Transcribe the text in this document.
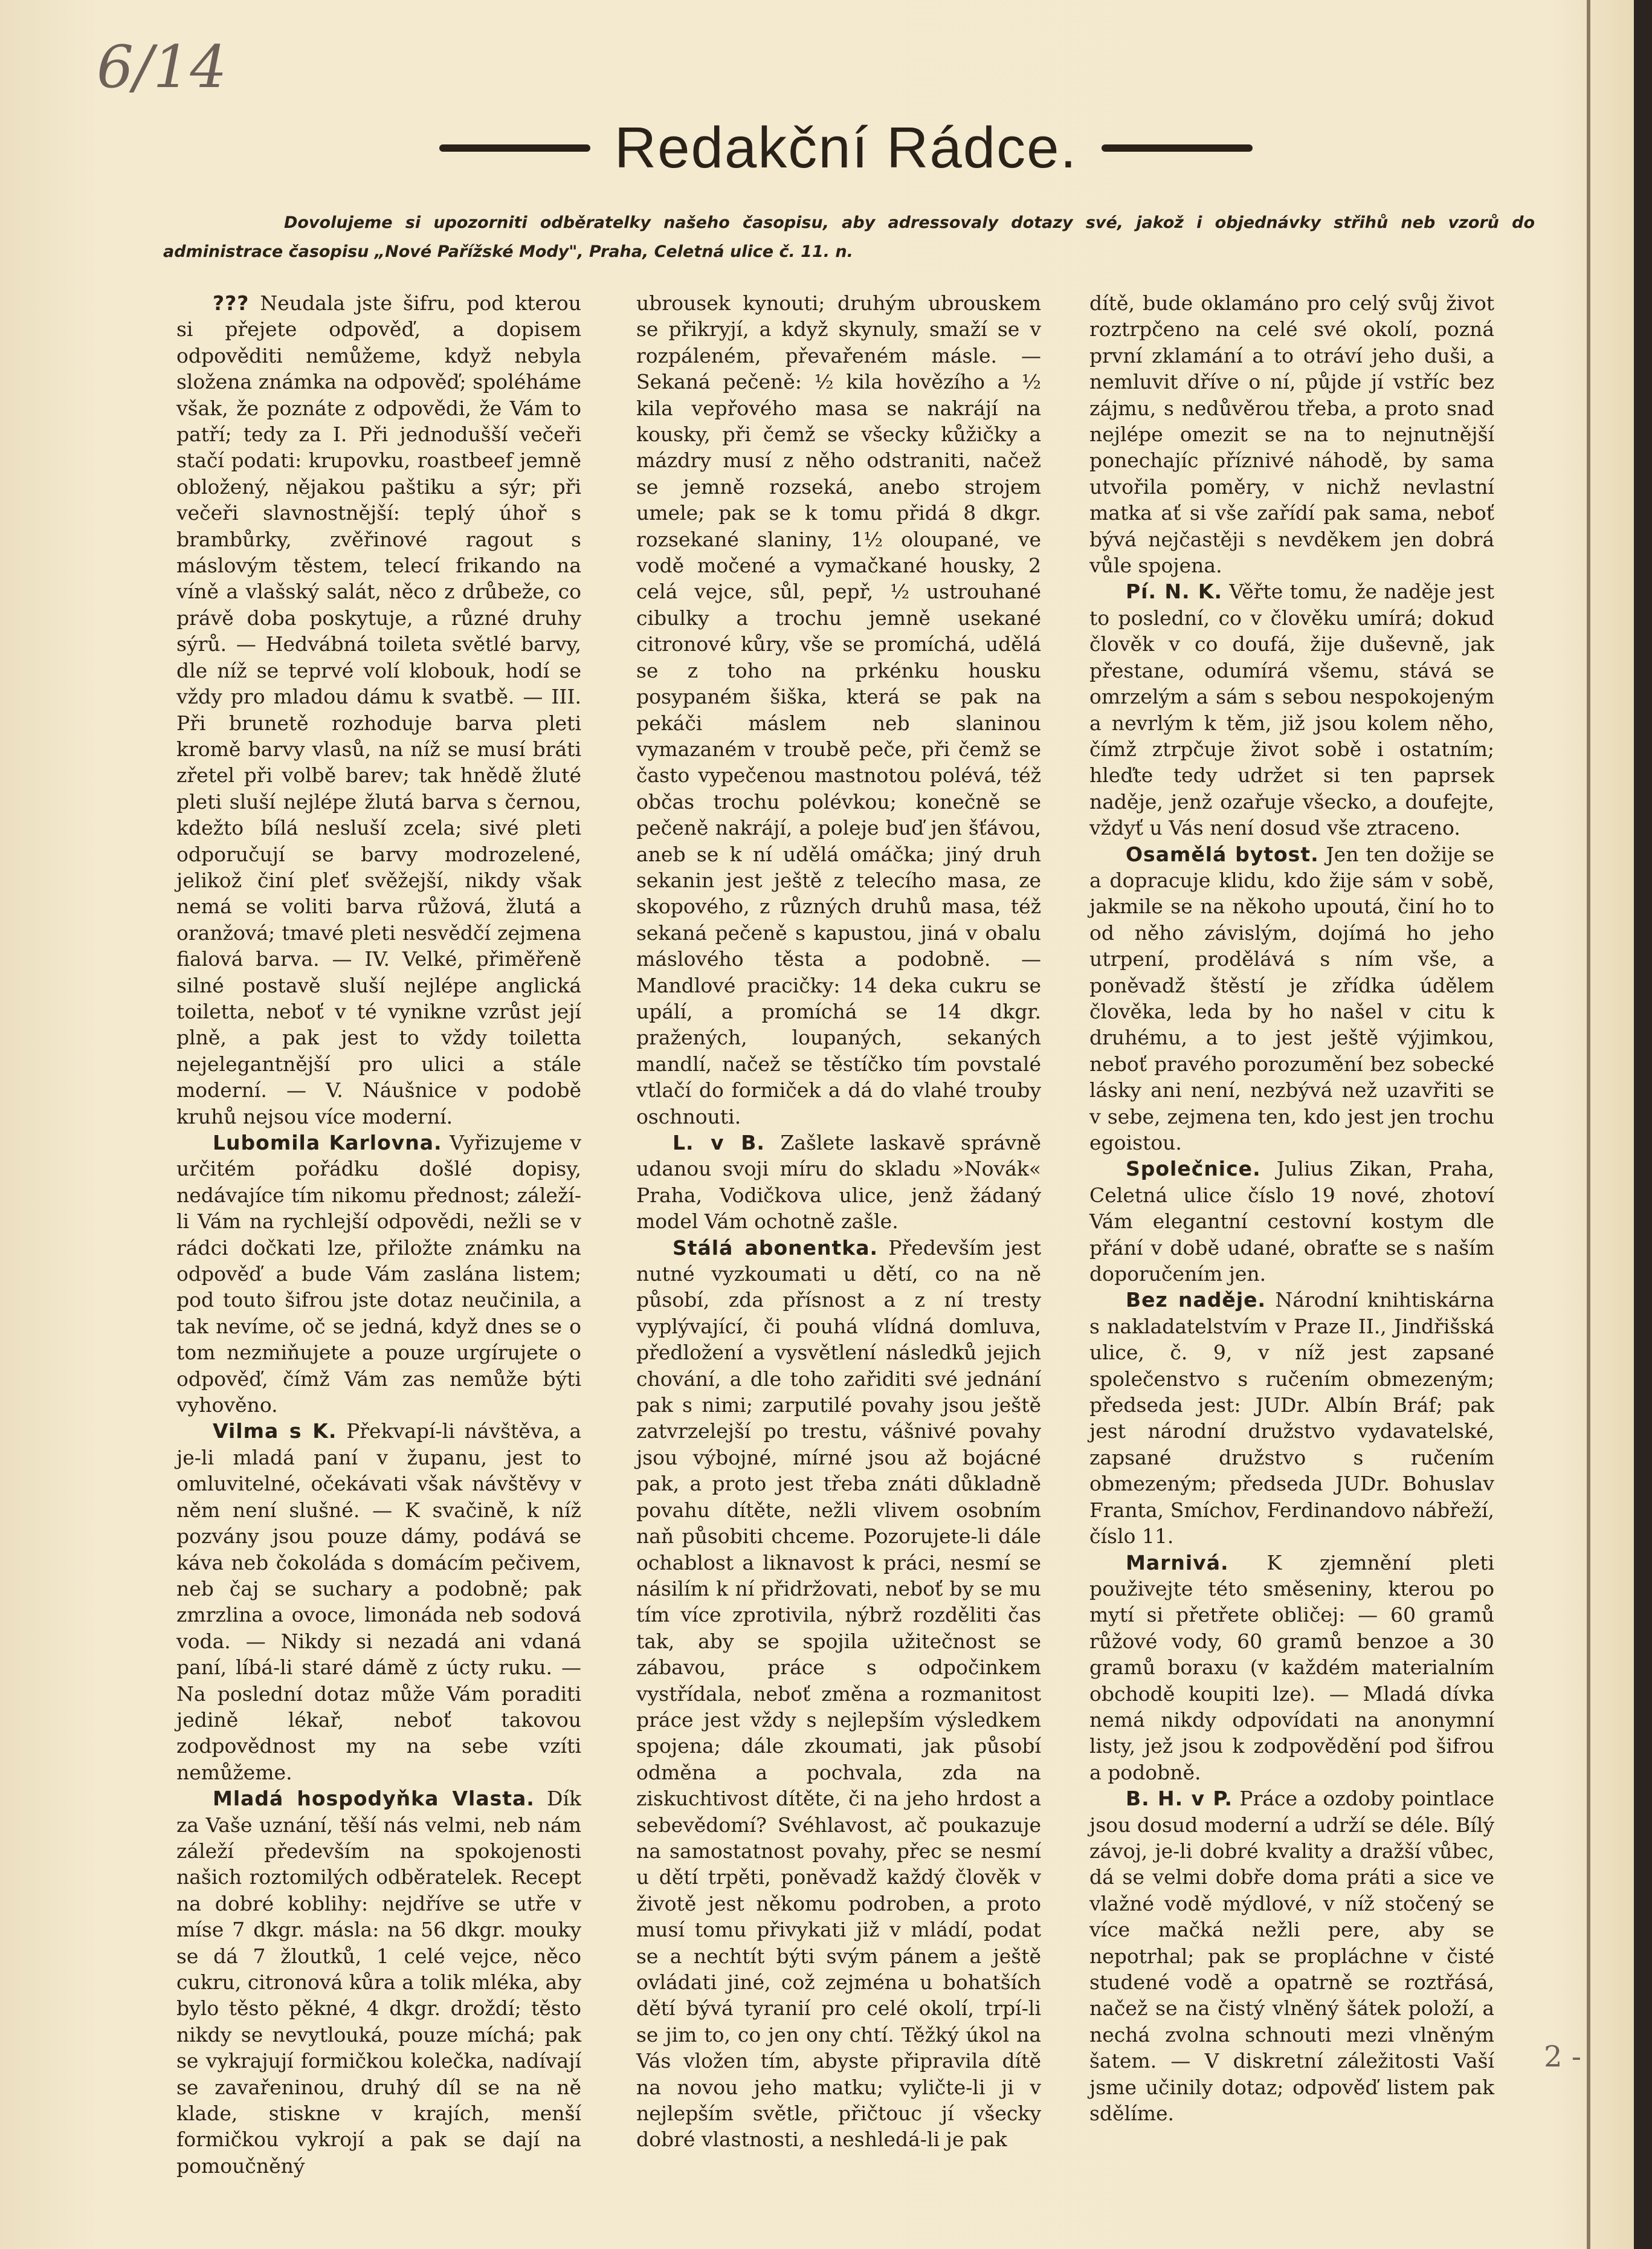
6/14
Redakční Rádce.
Dovolujeme si upozorniti odběratelky našeho časopisu, aby adressovaly dotazy své, jakož i objednávky střihů neb vzorů do administrace časopisu „Nové Pařížské Mody", Praha, Celetná ulice č. 11. n.

??? Neudala jste šifru, pod kterou si přejete odpověď, a dopisem odpověditi nemůžeme, když nebyla složena známka na odpověď; spoléháme však, že poznáte z odpovědi, že Vám to patří; tedy za I. Při jednodušší večeři stačí podati: krupovku, roastbeef jemně obložený, nějakou paštiku a sýr; při večeři slavnostnější: teplý úhoř s brambůrky, zvěřinové ragout s máslovým těstem, telecí frikando na víně a vlašský salát, něco z drůbeže, co právě doba poskytuje, a různé druhy sýrů. — Hedvábná toileta světlé barvy, dle níž se teprvé volí klobouk, hodí se vždy pro mladou dámu k svatbě. — III. Při brunetě rozhoduje barva pleti kromě barvy vlasů, na níž se musí bráti zřetel při volbě barev; tak hnědě žluté pleti sluší nejlépe žlutá barva s černou, kdežto bílá nesluší zcela; sivé pleti odporučují se barvy modrozelené, jelikož činí pleť svěžejší, nikdy však nemá se voliti barva růžová, žlutá a oranžová; tmavé pleti nesvědčí zejmena fialová barva. — IV. Velké, přiměřeně silné postavě sluší nejlépe anglická toiletta, neboť v té vynikne vzrůst její plně, a pak jest to vždy toiletta nejelegantnější pro ulici a stále moderní. — V. Náušnice v podobě kruhů nejsou více moderní.

Lubomila Karlovna. Vyřizujeme v určitém pořádku došlé dopisy, nedávajíce tím nikomu přednost; záleží-li Vám na rychlejší odpovědi, nežli se v rádci dočkati lze, přiložte známku na odpověď a bude Vám zaslána listem; pod touto šifrou jste dotaz neučinila, a tak nevíme, oč se jedná, když dnes se o tom nezmiňujete a pouze urgírujete o odpověď, čímž Vám zas nemůže býti vyhověno.

Vilma s K. Překvapí-li návštěva, a je-li mladá paní v županu, jest to omluvitelné, očekávati však návštěvy v něm není slušné. — K svačině, k níž pozvány jsou pouze dámy, podává se káva neb čokoláda s domácím pečivem, neb čaj se suchary a podobně; pak zmrzlina a ovoce, limonáda neb sodová voda. — Nikdy si nezadá ani vdaná paní, líbá-li staré dámě z úcty ruku. — Na poslední dotaz může Vám poraditi jedině lékař, neboť takovou zodpovědnost my na sebe vzíti nemůžeme.

Mladá hospodyňka Vlasta. Dík za Vaše uznání, těší nás velmi, neb nám záleží především na spokojenosti našich roztomilých odběratelek. Recept na dobré koblihy: nejdříve se utře v míse 7 dkgr. másla: na 56 dkgr. mouky se dá 7 žloutků, 1 celé vejce, něco cukru, citronová kůra a tolik mléka, aby bylo těsto pěkné, 4 dkgr. droždí; těsto nikdy se nevytlouká, pouze míchá; pak se vykrajují formičkou kolečka, nadívají se zavařeninou, druhý díl se na ně klade, stiskne v krajích, menší formičkou vykrojí a pak se dají na pomoučněný

ubrousek kynouti; druhým ubrouskem se přikryjí, a když skynuly, smaží se v rozpáleném, převařeném másle. — Sekaná pečeně: ½ kila hovězího a ½ kila vepřového masa se nakrájí na kousky, při čemž se všecky kůžičky a mázdry musí z něho odstraniti, načež se jemně rozseká, anebo strojem umele; pak se k tomu přidá 8 dkgr. rozsekané slaniny, 1½ oloupané, ve vodě močené a vymačkané housky, 2 celá vejce, sůl, pepř, ½ ustrouhané cibulky a trochu jemně usekané citronové kůry, vše se promíchá, udělá se z toho na prkénku housku posypaném šiška, která se pak na pekáči máslem neb slaninou vymazaném v troubě peče, při čemž se často vypečenou mastnotou polévá, též občas trochu polévkou; konečně se pečeně nakrájí, a poleje buď jen šťávou, aneb se k ní udělá omáčka; jiný druh sekanin jest ještě z telecího masa, ze skopového, z různých druhů masa, též sekaná pečeně s kapustou, jiná v obalu máslového těsta a podobně. — Mandlové pracičky: 14 deka cukru se upálí, a promíchá se 14 dkgr. pražených, loupaných, sekaných mandlí, načež se těstíčko tím povstalé vtlačí do formiček a dá do vlahé trouby oschnouti.

L. v B. Zašlete laskavě správně udanou svoji míru do skladu »Novák« Praha, Vodičkova ulice, jenž žádaný model Vám ochotně zašle.

Stálá abonentka. Především jest nutné vyzkoumati u dětí, co na ně působí, zda přísnost a z ní tresty vyplývající, či pouhá vlídná domluva, předložení a vysvětlení následků jejich chování, a dle toho zařiditi své jednání pak s nimi; zarputilé povahy jsou ještě zatvrzelejší po trestu, vášnivé povahy jsou výbojné, mírné jsou až bojácné pak, a proto jest třeba znáti důkladně povahu dítěte, nežli vlivem osobním naň působiti chceme. Pozorujete-li dále ochablost a liknavost k práci, nesmí se násilím k ní přidržovati, neboť by se mu tím více zprotivila, nýbrž rozděliti čas tak, aby se spojila užitečnost se zábavou, práce s odpočinkem vystřídala, neboť změna a rozmanitost práce jest vždy s nejlepším výsledkem spojena; dále zkoumati, jak působí odměna a pochvala, zda na ziskuchtivost dítěte, či na jeho hrdost a sebevědomí? Svéhlavost, ač poukazuje na samostatnost povahy, přec se nesmí u dětí trpěti, poněvadž každý člověk v životě jest někomu podroben, a proto musí tomu přivykati již v mládí, podat se a nechtít býti svým pánem a ještě ovládati jiné, což zejména u bohatších dětí bývá tyranií pro celé okolí, trpí-li se jim to, co jen ony chtí. Těžký úkol na Vás vložen tím, abyste připravila dítě na novou jeho matku; vyličte-li ji v nejlepším světle, přičtouc jí všecky dobré vlastnosti, a neshledá-li je pak

dítě, bude oklamáno pro celý svůj život roztrpčeno na celé své okolí, pozná první zklamání a to otráví jeho duši, a nemluvit dříve o ní, půjde jí vstříc bez zájmu, s nedůvěrou třeba, a proto snad nejlépe omezit se na to nejnutnější ponechajíc příznivé náhodě, by sama utvořila poměry, v nichž nevlastní matka ať si vše zařídí pak sama, neboť bývá nejčastěji s nevděkem jen dobrá vůle spojena.

Pí. N. K. Věřte tomu, že naděje jest to poslední, co v člověku umírá; dokud člověk v co doufá, žije duševně, jak přestane, odumírá všemu, stává se omrzelým a sám s sebou nespokojeným a nevrlým k těm, již jsou kolem něho, čímž ztrpčuje život sobě i ostatním; hleďte tedy udržet si ten paprsek naděje, jenž ozařuje všecko, a doufejte, vždyť u Vás není dosud vše ztraceno.

Osamělá bytost. Jen ten dožije se a dopracuje klidu, kdo žije sám v sobě, jakmile se na někoho upoutá, činí ho to od něho závislým, dojímá ho jeho utrpení, prodělává s ním vše, a poněvadž štěstí je zřídka údělem člověka, leda by ho našel v citu k druhému, a to jest ještě výjimkou, neboť pravého porozumění bez sobecké lásky ani není, nezbývá než uzavřiti se v sebe, zejmena ten, kdo jest jen trochu egoistou.

Společnice. Julius Zikan, Praha, Celetná ulice číslo 19 nové, zhotoví Vám elegantní cestovní kostym dle přání v době udané, obraťte se s naším doporučením jen.

Bez naděje. Národní knihtiskárna s nakladatelstvím v Praze II., Jindřišská ulice, č. 9, v níž jest zapsané společenstvo s ručením obmezeným; předseda jest: JUDr. Albín Bráf; pak jest národní družstvo vydavatelské, zapsané družstvo s ručením obmezeným; předseda JUDr. Bohuslav Franta, Smíchov, Ferdinandovo nábřeží, číslo 11.

Marnivá. K zjemnění pleti použivejte této směseniny, kterou po mytí si přetřete obličej: — 60 gramů růžové vody, 60 gramů benzoe a 30 gramů boraxu (v každém materialním obchodě koupiti lze). — Mladá dívka nemá nikdy odpovídati na anonymní listy, jež jsou k zodpovědění pod šifrou a podobně.

B. H. v P. Práce a ozdoby pointlace jsou dosud moderní a udrží se déle. Bílý závoj, je-li dobré kvality a dražší vůbec, dá se velmi dobře doma práti a sice ve vlažné vodě mýdlové, v níž stočený se více mačká nežli pere, aby se nepotrhal; pak se propláchne v čisté studené vodě a opatrně se roztřásá, načež se na čistý vlněný šátek položí, a nechá zvolna schnouti mezi vlněným šatem. — V diskretní záležitosti Vaší jsme učinily dotaz; odpověď listem pak sdělíme.

2 -
